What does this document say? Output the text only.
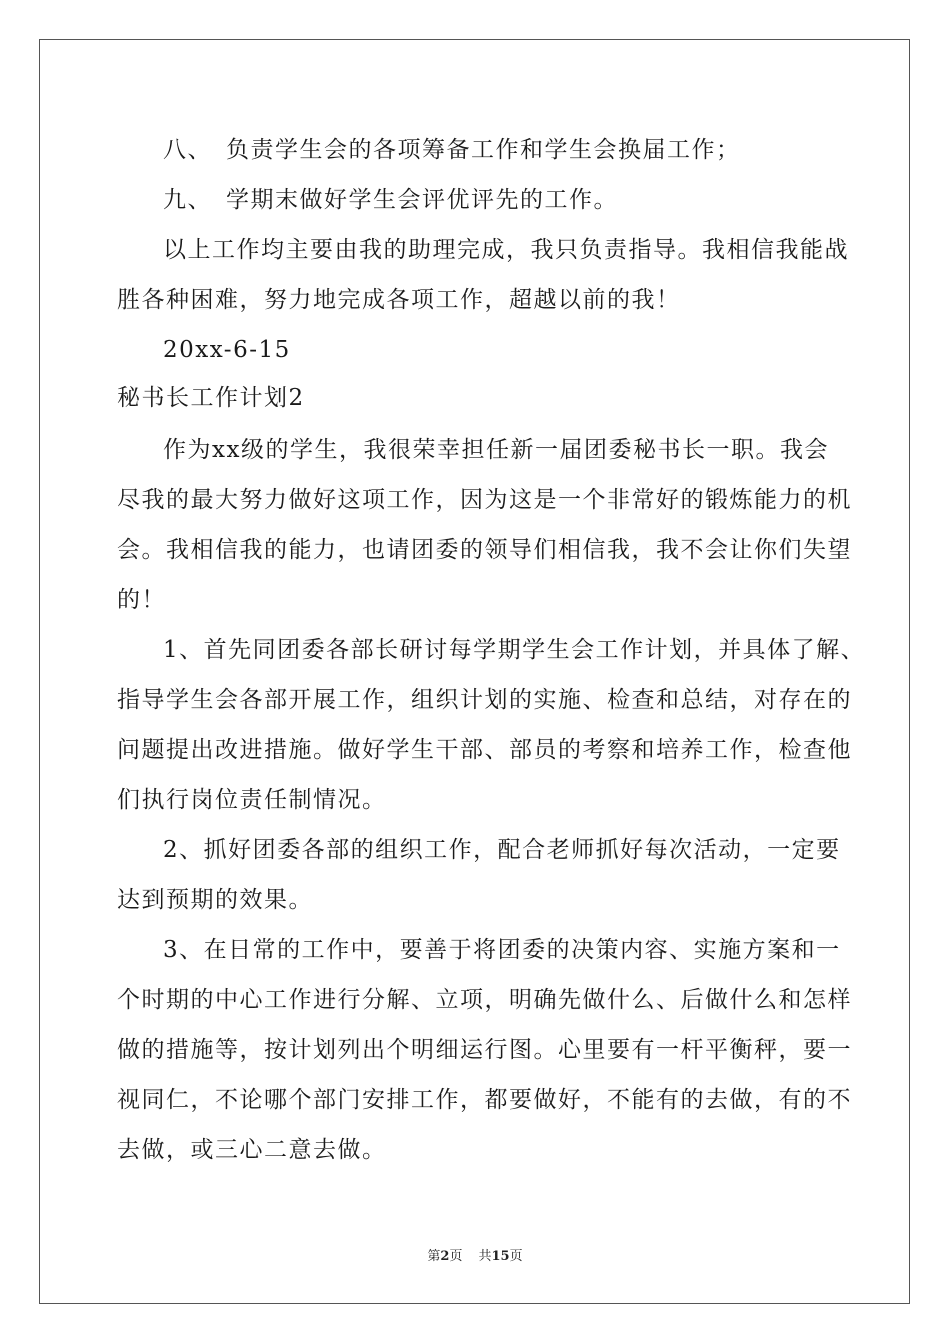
八、 负责学生会的各项筹备工作和学生会换届工作；
九、 学期末做好学生会评优评先的工作。
以上工作均主要由我的助理完成，我只负责指导。我相信我能战
胜各种困难，努力地完成各项工作，超越以前的我！
20xx-6-15
秘书长工作计划2
作为xx级的学生，我很荣幸担任新一届团委秘书长一职。我会
尽我的最大努力做好这项工作，因为这是一个非常好的锻炼能力的机
会。我相信我的能力，也请团委的领导们相信我，我不会让你们失望
的！
1、首先同团委各部长研讨每学期学生会工作计划，并具体了解、
指导学生会各部开展工作，组织计划的实施、检查和总结，对存在的
问题提出改进措施。做好学生干部、部员的考察和培养工作，检查他
们执行岗位责任制情况。
2、抓好团委各部的组织工作，配合老师抓好每次活动，一定要
达到预期的效果。
3、在日常的工作中，要善于将团委的决策内容、实施方案和一
个时期的中心工作进行分解、立项，明确先做什么、后做什么和怎样
做的措施等，按计划列出个明细运行图。心里要有一杆平衡秤，要一
视同仁，不论哪个部门安排工作，都要做好，不能有的去做，有的不
去做，或三心二意去做。
第2页 共15页
